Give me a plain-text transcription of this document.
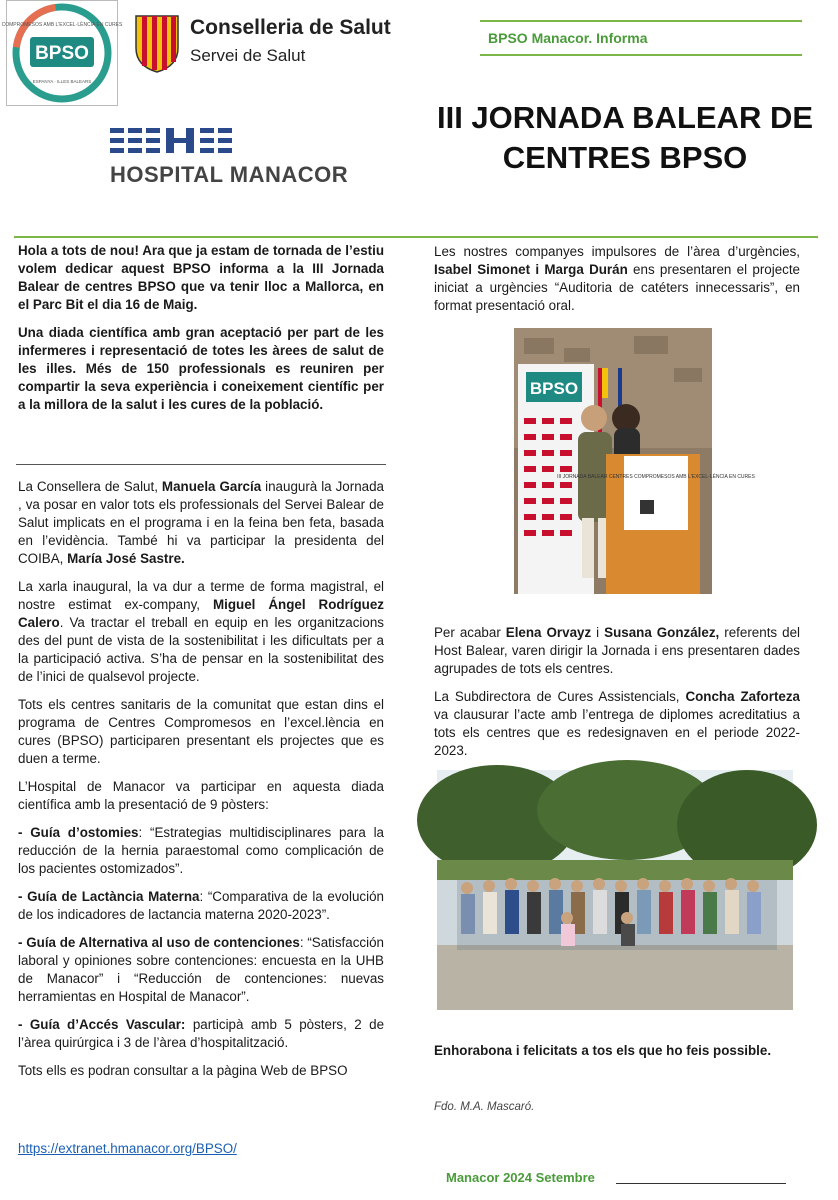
BPSO
COMPROMESOS AMB L'EXCEL·LÈNCIA EN CURES
ESPANYA · ILLES BALEARS
Conselleria de Salut
Servei de Salut
HOSPITAL MANACOR
BPSO Manacor. Informa
III JORNADA BALEAR DE
CENTRES BPSO

Hola a tots de nou! Ara que ja estam de tornada de l’estiu volem dedicar aquest BPSO informa a la III Jornada Balear de centres BPSO que va tenir lloc a Mallorca, en el Parc Bit el dia 16 de Maig.

Una diada científica amb gran aceptació per part de les infermeres i representació de totes les àrees de salut de les illes. Més de 150 professionals es reuniren per compartir la seva experiència i coneixement científic per a la millora de la salut i les cures de la població.

La Consellera de Salut, Manuela García inaugurà la Jornada , va posar en valor tots els professionals del Servei Balear de Salut implicats en el programa i en la feina ben feta, basada en l’evidència. També hi va participar la presidenta del COIBA, María José Sastre.

La xarla inaugural, la va dur a terme de forma magistral, el nostre estimat ex-company, Miguel Ángel Rodríguez Calero. Va tractar el treball en equip en les organitzacions des del punt de vista de la sostenibilitat i les dificultats per a la participació activa. S’ha de pensar en la sostenibilitat des de l’inici de qualsevol projecte.

Tots els centres sanitaris de la comunitat que estan dins el programa de Centres Compromesos en l’excel.lència en cures (BPSO) participaren presentant els projectes que es duen a terme.

L’Hospital de Manacor va participar en aquesta diada científica amb la presentació de 9 pòsters:

- Guía d’ostomies: “Estrategias multidisciplinares para la reducción de la hernia paraestomal como complicación de los pacientes ostomizados”.

- Guía de Lactància Materna: “Comparativa de la evolución de los indicadores de lactancia materna 2020-2023”.

- Guía de Alternativa al uso de contenciones: “Satisfacción laboral y opiniones sobre contenciones: encuesta en la UHB de Manacor” i “Reducción de contenciones: nuevas herramientas en Hospital de Manacor”.

- Guía d’Accés Vascular: participà amb 5 pòsters, 2 de l’àrea quirúrgica i 3 de l’àrea d’hospitalització.

Tots ells es podran consultar a la pàgina Web de BPSO

https://extranet.hmanacor.org/BPSO/

Les nostres companyes impulsores de l’àrea d’urgències, Isabel Simonet i Marga Durán ens presentaren el projecte iniciat a urgències “Auditoria de catéters innecessaris”, en format presentació oral.

BPSO
III JORNADA BALEAR CENTRES COMPROMESOS AMB L'EXCEL·LÈNCIA EN CURES

Per acabar Elena Orvayz i Susana González, referents del Host Balear, varen dirigir la Jornada i ens presentaren dades agrupades de tots els centres.

La Subdirectora de Cures Assistencials, Concha Zaforteza va clausurar l’acte amb l’entrega de diplomes acreditatius a tots els centres que es redesignaven en el periode 2022-2023.

Enhorabona i felicitats a tos els que ho feis possible.
Fdo. M.A. Mascaró.
Manacor 2024 Setembre
